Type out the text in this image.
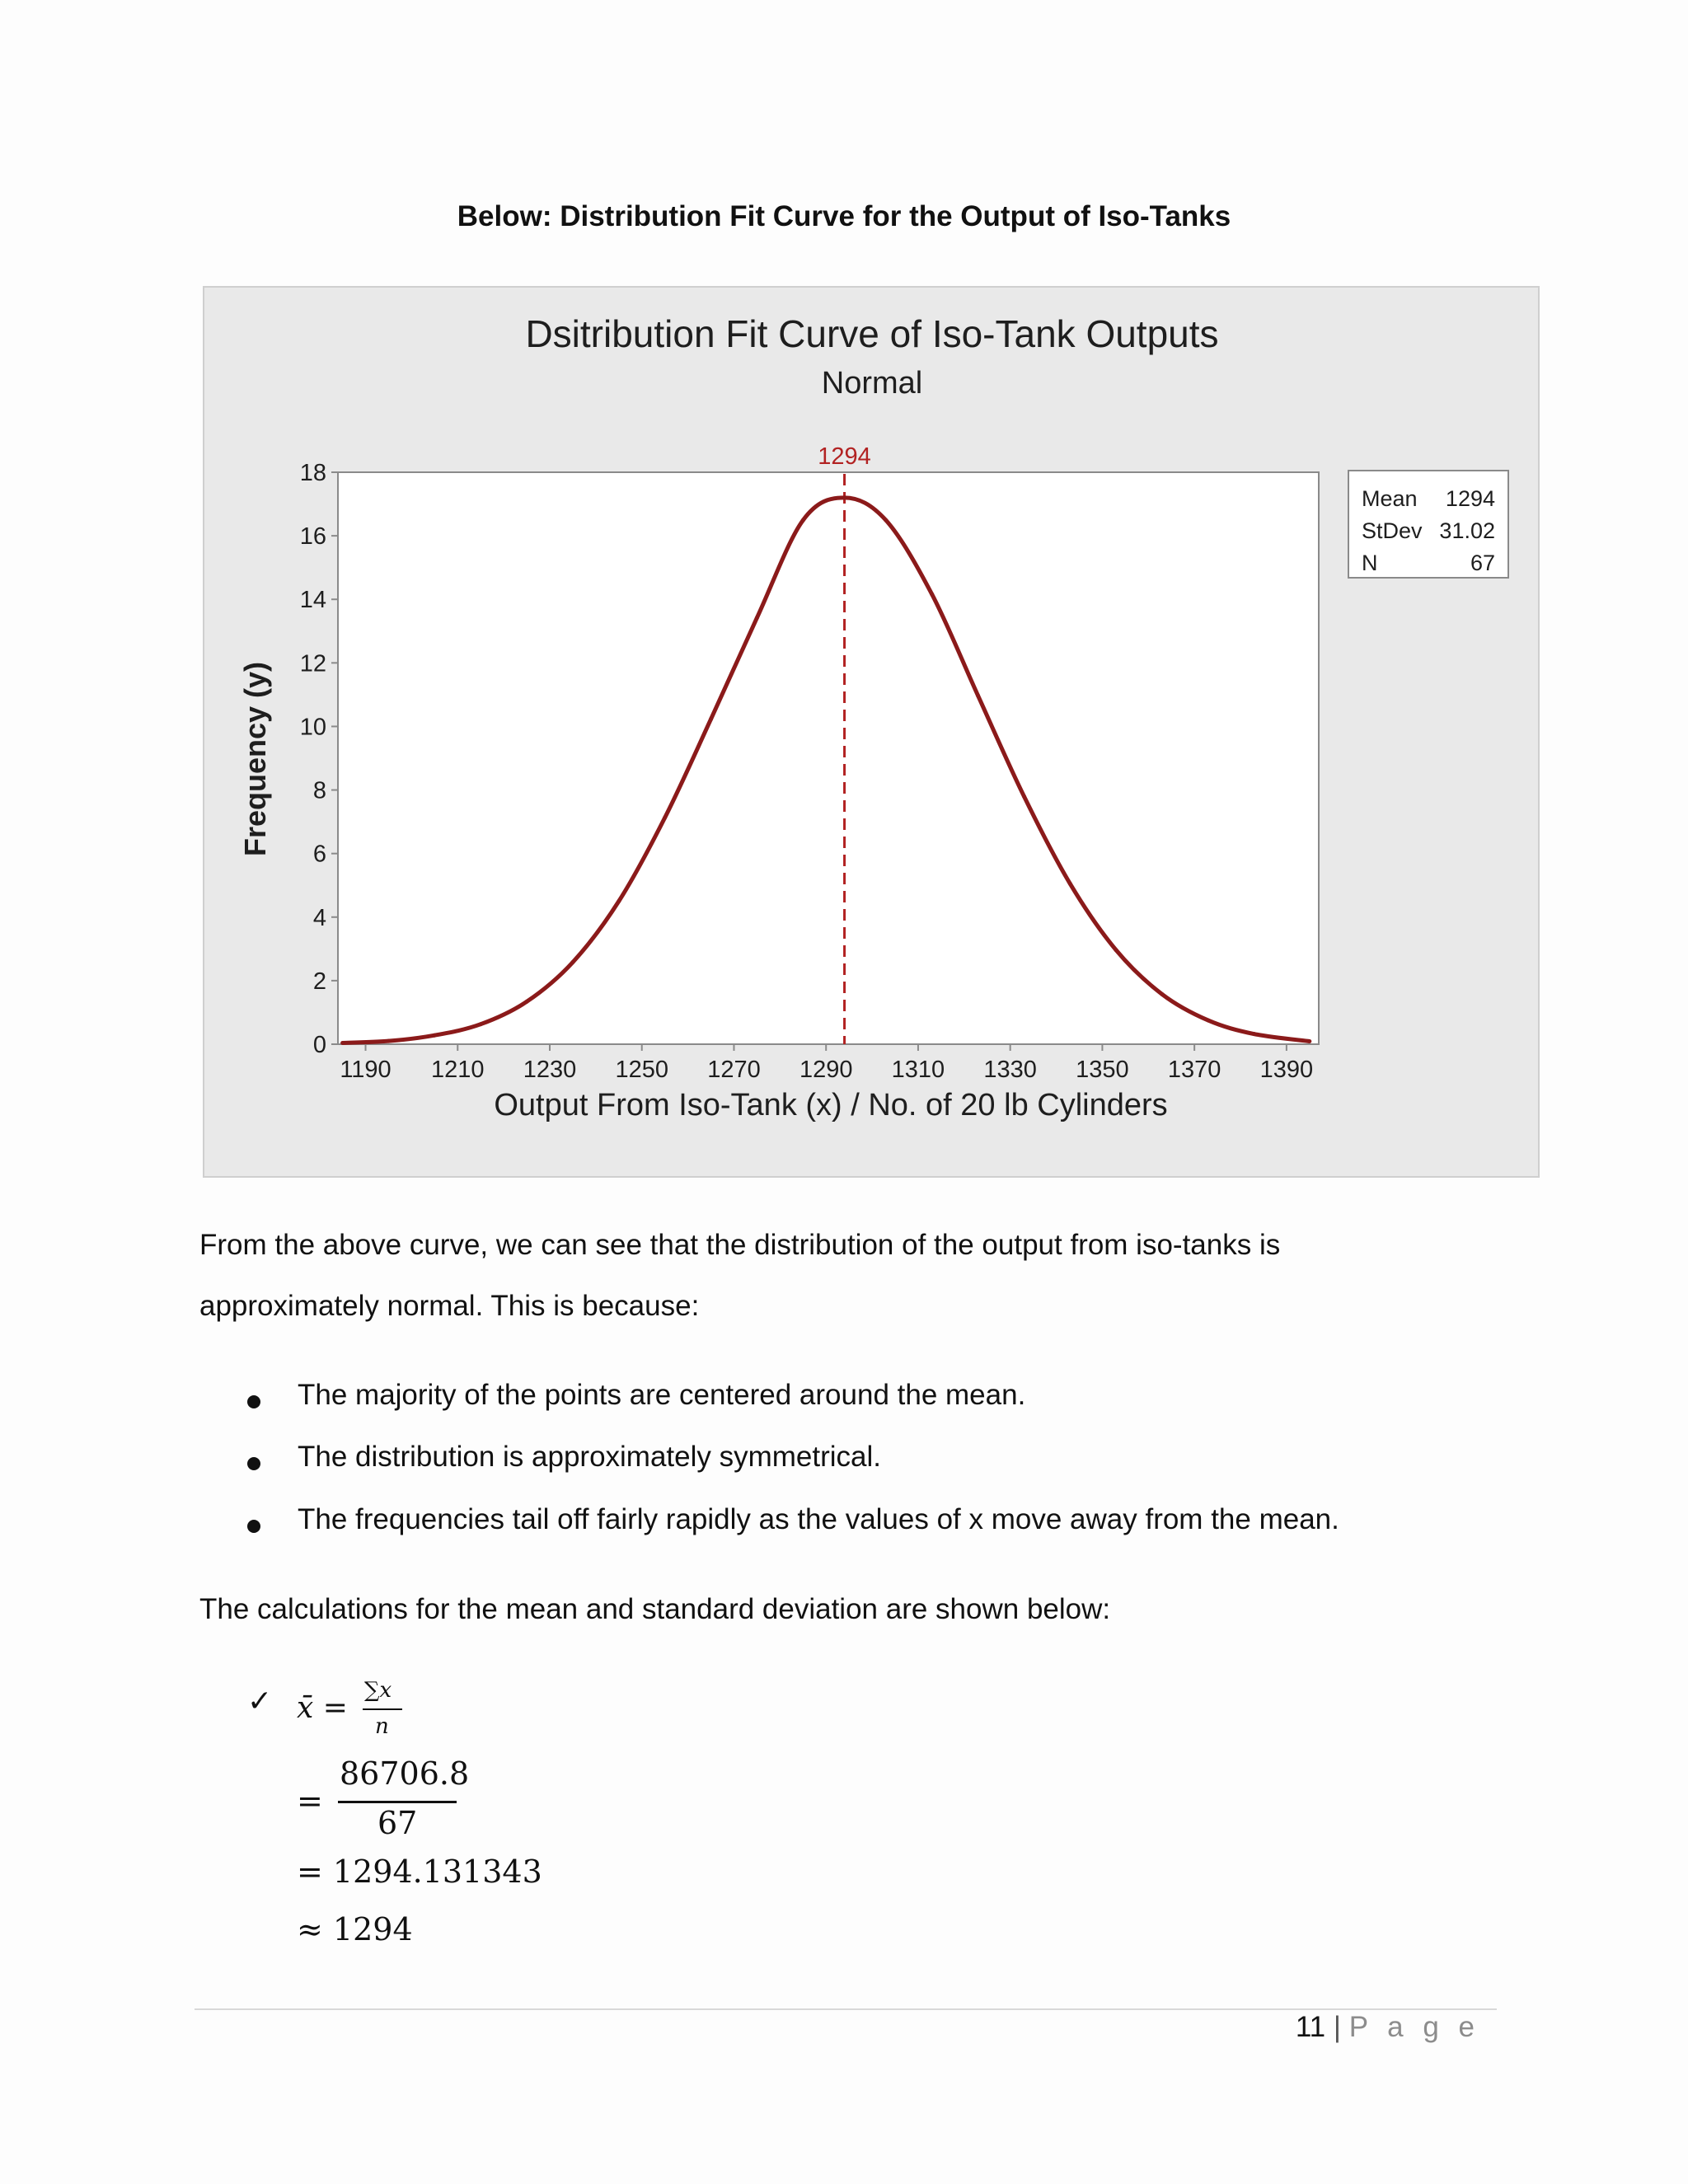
Below: Distribution Fit Curve for the Output of Iso-Tanks
Dsitribution Fit Curve of Iso-Tank Outputs
Normal
0
2
4
6
8
10
12
14
16
18
1190 1210 1230 1250 1270 1290 1310 1330 1350 1370 1390
1294
Output From Iso-Tank (x) / No. of 20 lb Cylinders
Frequency (y)
Mean 1294
StDev 31.02
N	67
From the above curve, we can see that the distribution of the output from iso-tanks is
approximately normal. This is because:
The majority of the points are centered around the mean.
The distribution is approximately symmetrical.
The frequencies tail off fairly rapidly as the values of x move away from the mean.
The calculations for the mean and standard deviation are shown below:
✓ x̄ =
∑x
n
=
86706.8
67
= 1294.131343
≈ 1294
11 | P a g e
